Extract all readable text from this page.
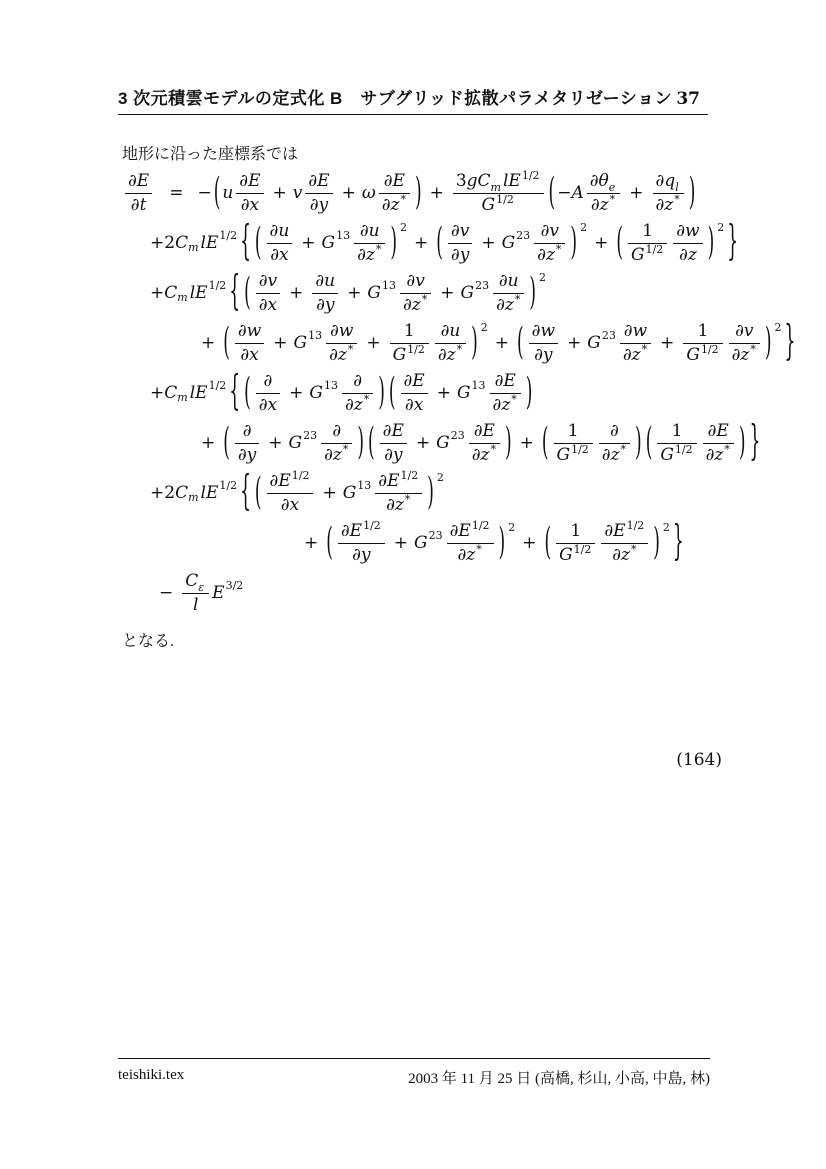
3 次元積雲モデルの定式化 B　サブグリッド拡散パラメタリゼーション 37
地形に沿った座標系では
(164)
$\frac{\partial E}{\partial t}$ = − ( u $\frac{\partial E}{\partial x} + v \frac{\partial E}{\partial y} + \omega \frac{\partial E}{\partial z^*}$ ) + $\frac{3gC_m lE^{1/2}}{G^{1/2}}$ ( − A $\frac{\partial\theta_e}{\partial z^*} + \frac{\partial q_l}{\partial z^*}$ )
+2 C m lE 1/2 { ( $\frac{\partial u}{\partial x} + G$ $13 \frac{\partial u}{\partial z^*}$ ) 2
+ ( $\frac{\partial v}{\partial y} + G$ $23 \frac{\partial v}{\partial z^*}$ ) 2
+ ( $\frac{1}{G^{1/2}} \frac{\partial w}{\partial z}$ ) 2 }
+ C m lE 1/2 { ( $\frac{\partial v}{\partial x} + \frac{\partial u}{\partial y} + G$ $13 \frac{\partial v}{\partial z^*} + G$ $23 \frac{\partial u}{\partial z^*}$ ) 2
+ ( $\frac{\partial w}{\partial x} + G$ $13 \frac{\partial w}{\partial z^*} + \frac{1}{G^{1/2}} \frac{\partial u}{\partial z^*}$ ) 2
+ ( $\frac{\partial w}{\partial y} + G$ $23 \frac{\partial w}{\partial z^*} + \frac{1}{G^{1/2}} \frac{\partial v}{\partial z^*}$ ) 2 }
+ C m lE 1/2 { ( $\frac{\partial}{\partial x} + G$ $13 \frac{\partial}{\partial z^*}$ ) ( $\frac{\partial E}{\partial x} + G$ $13 \frac{\partial E}{\partial z^*}$ )
+ ( $\frac{\partial}{\partial y} + G$ $23 \frac{\partial}{\partial z^*}$ ) ( $\frac{\partial E}{\partial y} + G$ $23 \frac{\partial E}{\partial z^*}$ ) + ( $\frac{1}{G^{1/2}} \frac{\partial}{\partial z^*}$ ) ( $\frac{1}{G^{1/2}} \frac{\partial E}{\partial z^*}$ ) }
+2 C m lE 1/2 { ( $\frac{\partial E^{1/2}}{\partial x} + G$ $13 \frac{\partial E^{1/2}}{\partial z^*}$ ) 2
+ ( $\frac{\partial E^{1/2}}{\partial y} + G$ $23 \frac{\partial E^{1/2}}{\partial z^*}$ ) 2
+ ( $\frac{1}{G^{1/2}} \frac{\partial E^{1/2}}{\partial z^*}$ ) 2 }
− $\frac{C_\varepsilon}{l}$ E 3/2
となる.
teishiki.tex	2003 年 11 月 25 日 (高橋, 杉山, 小高, 中島, 林)
